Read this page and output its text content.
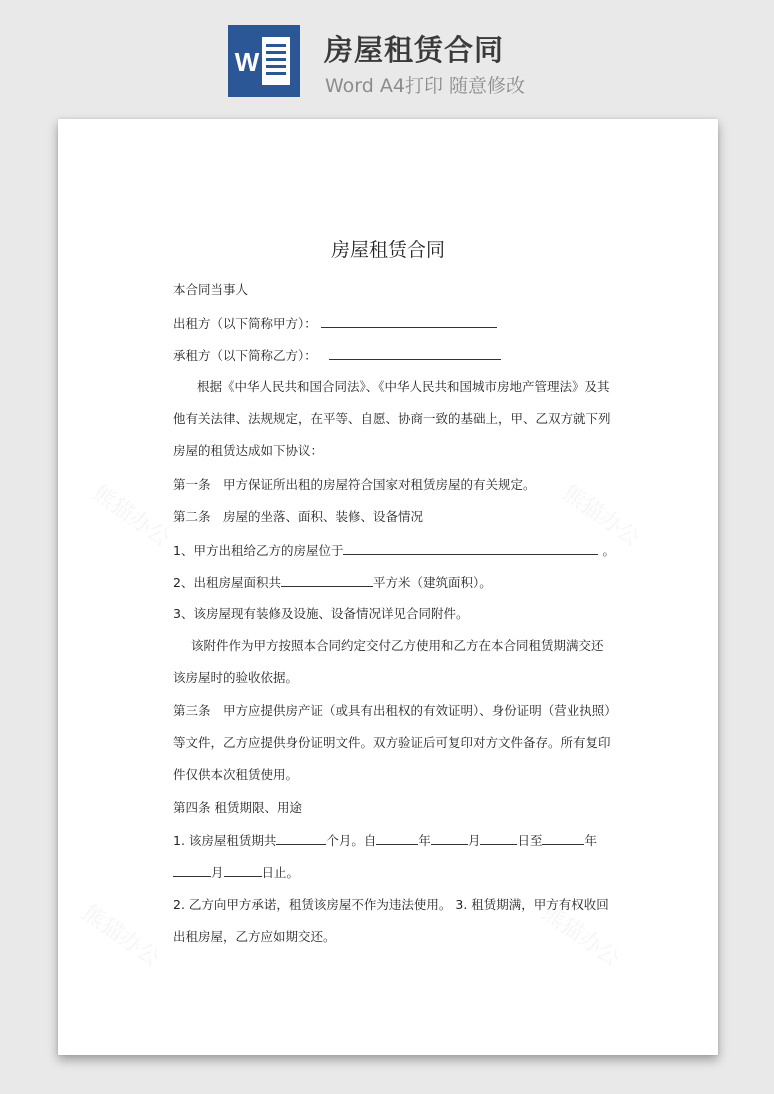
W 房屋租赁合同
Word A4打印 随意修改
房屋租赁合同
本合同当事人
出租方（以下简称甲方）：
承租方（以下简称乙方）：
根据《中华人民共和国合同法》、《中华人民共和国城市房地产管理法》及其
他有关法律、法规规定，在平等、自愿、协商一致的基础上，甲、乙双方就下列
房屋的租赁达成如下协议：
第一条　甲方保证所出租的房屋符合国家对租赁房屋的有关规定。
第二条　房屋的坐落、面积、装修、设备情况
1、甲方出租给乙方的房屋位于	。
2、出租房屋面积共	平方米（建筑面积）。
3、该房屋现有装修及设施、设备情况详见合同附件。
该附件作为甲方按照本合同约定交付乙方使用和乙方在本合同租赁期满交还
该房屋时的验收依据。
第三条　甲方应提供房产证（或具有出租权的有效证明）、身份证明（营业执照）
等文件，乙方应提供身份证明文件。双方验证后可复印对方文件备存。所有复印
件仅供本次租赁使用。
第四条 租赁期限、用途
1. 该房屋租赁期共	个月。自	年	月	日至	年
月	日止。
2. 乙方向甲方承诺，租赁该房屋不作为违法使用。 3. 租赁期满，甲方有权收回
出租房屋，乙方应如期交还。
